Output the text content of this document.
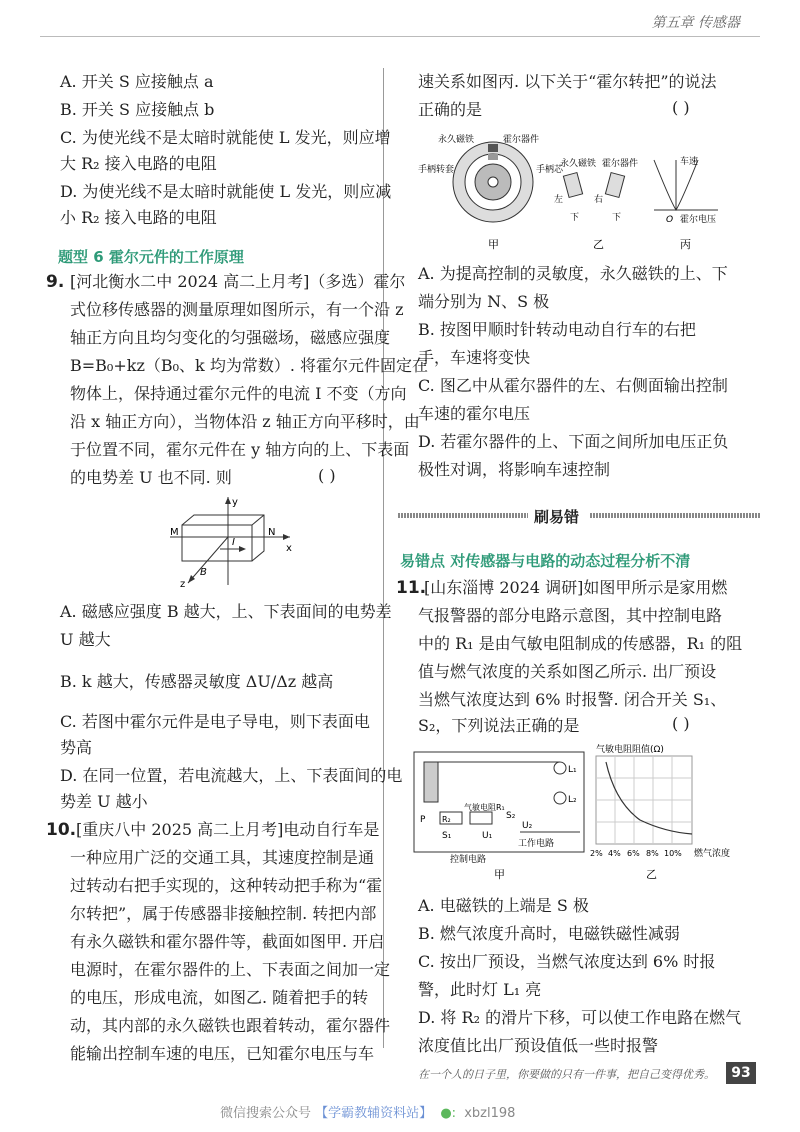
第五章 传感器
A. 开关 S 应接触点 a
B. 开关 S 应接触点 b
C. 为使光线不是太暗时就能使 L 发光，则应增
大 R₂ 接入电路的电阻
D. 为使光线不是太暗时就能使 L 发光，则应减
小 R₂ 接入电路的电阻
题型 6 霍尔元件的工作原理
9. [河北衡水二中 2024 高二上月考]（多选）霍尔
式位移传感器的测量原理如图所示，有一个沿 z
轴正方向且均匀变化的匀强磁场，磁感应强度
B=B₀+kz（B₀、k 均为常数）. 将霍尔元件固定在
物体上，保持通过霍尔元件的电流 I 不变（方向
沿 x 轴正方向），当物体沿 z 轴正方向平移时，由
于位置不同，霍尔元件在 y 轴方向的上、下表面
的电势差 U 也不同. 则	( )
y
x
z
M	N
B
I
A. 磁感应强度 B 越大，上、下表面间的电势差
U 越大
B. k 越大，传感器灵敏度 ΔU/Δz 越高
C. 若图中霍尔元件是电子导电，则下表面电
势高
D. 在同一位置，若电流越大，上、下表面间的电
势差 U 越小
10. [重庆八中 2025 高二上月考]电动自行车是
一种应用广泛的交通工具，其速度控制是通
过转动右把手实现的，这种转动把手称为“霍
尔转把”，属于传感器非接触控制. 转把内部
有永久磁铁和霍尔器件等，截面如图甲. 开启
电源时，在霍尔器件的上、下表面之间加一定
的电压，形成电流，如图乙. 随着把手的转
动，其内部的永久磁铁也跟着转动，霍尔器件
能输出控制车速的电压，已知霍尔电压与车
速关系如图丙. 以下关于“霍尔转把”的说法
正确的是	( )
永久磁铁	霍尔器件
手柄转套	手柄芯
永久磁铁 霍尔器件
左	右
下	下
车速
O 霍尔电压
甲	乙	丙
A. 为提高控制的灵敏度，永久磁铁的上、下
端分别为 N、S 极
B. 按图甲顺时针转动电动自行车的右把
手，车速将变快
C. 图乙中从霍尔器件的左、右侧面输出控制
车速的霍尔电压
D. 若霍尔器件的上、下面之间所加电压正负
极性对调，将影响车速控制
刷易错
易错点 对传感器与电路的动态过程分析不清
11.
[山东淄博 2024 调研]如图甲所示是家用燃
气报警器的部分电路示意图，其中控制电路
中的 R₁ 是由气敏电阻制成的传感器，R₁ 的阻
值与燃气浓度的关系如图乙所示. 出厂预设
当燃气浓度达到 6% 时报警. 闭合开关 S₁、
S₂，下列说法正确的是	( )
L₁
L₂
U₂
工作电路
P R₂
气敏电阻R₁
S₁	U₁
控制电路
S₂
甲
气敏电阻阻值(Ω)
2% 4% 6% 8% 10% 燃气浓度
乙
A. 电磁铁的上端是 S 极
B. 燃气浓度升高时，电磁铁磁性减弱
C. 按出厂预设，当燃气浓度达到 6% 时报
警，此时灯 L₁ 亮
D. 将 R₂ 的滑片下移，可以使工作电路在燃气
浓度值比出厂预设值低一些时报警
在一个人的日子里，你要做的只有一件事，把自己变得优秀。	93
微信搜索公众号 【学霸教辅资料站】 ●: xbzl198
